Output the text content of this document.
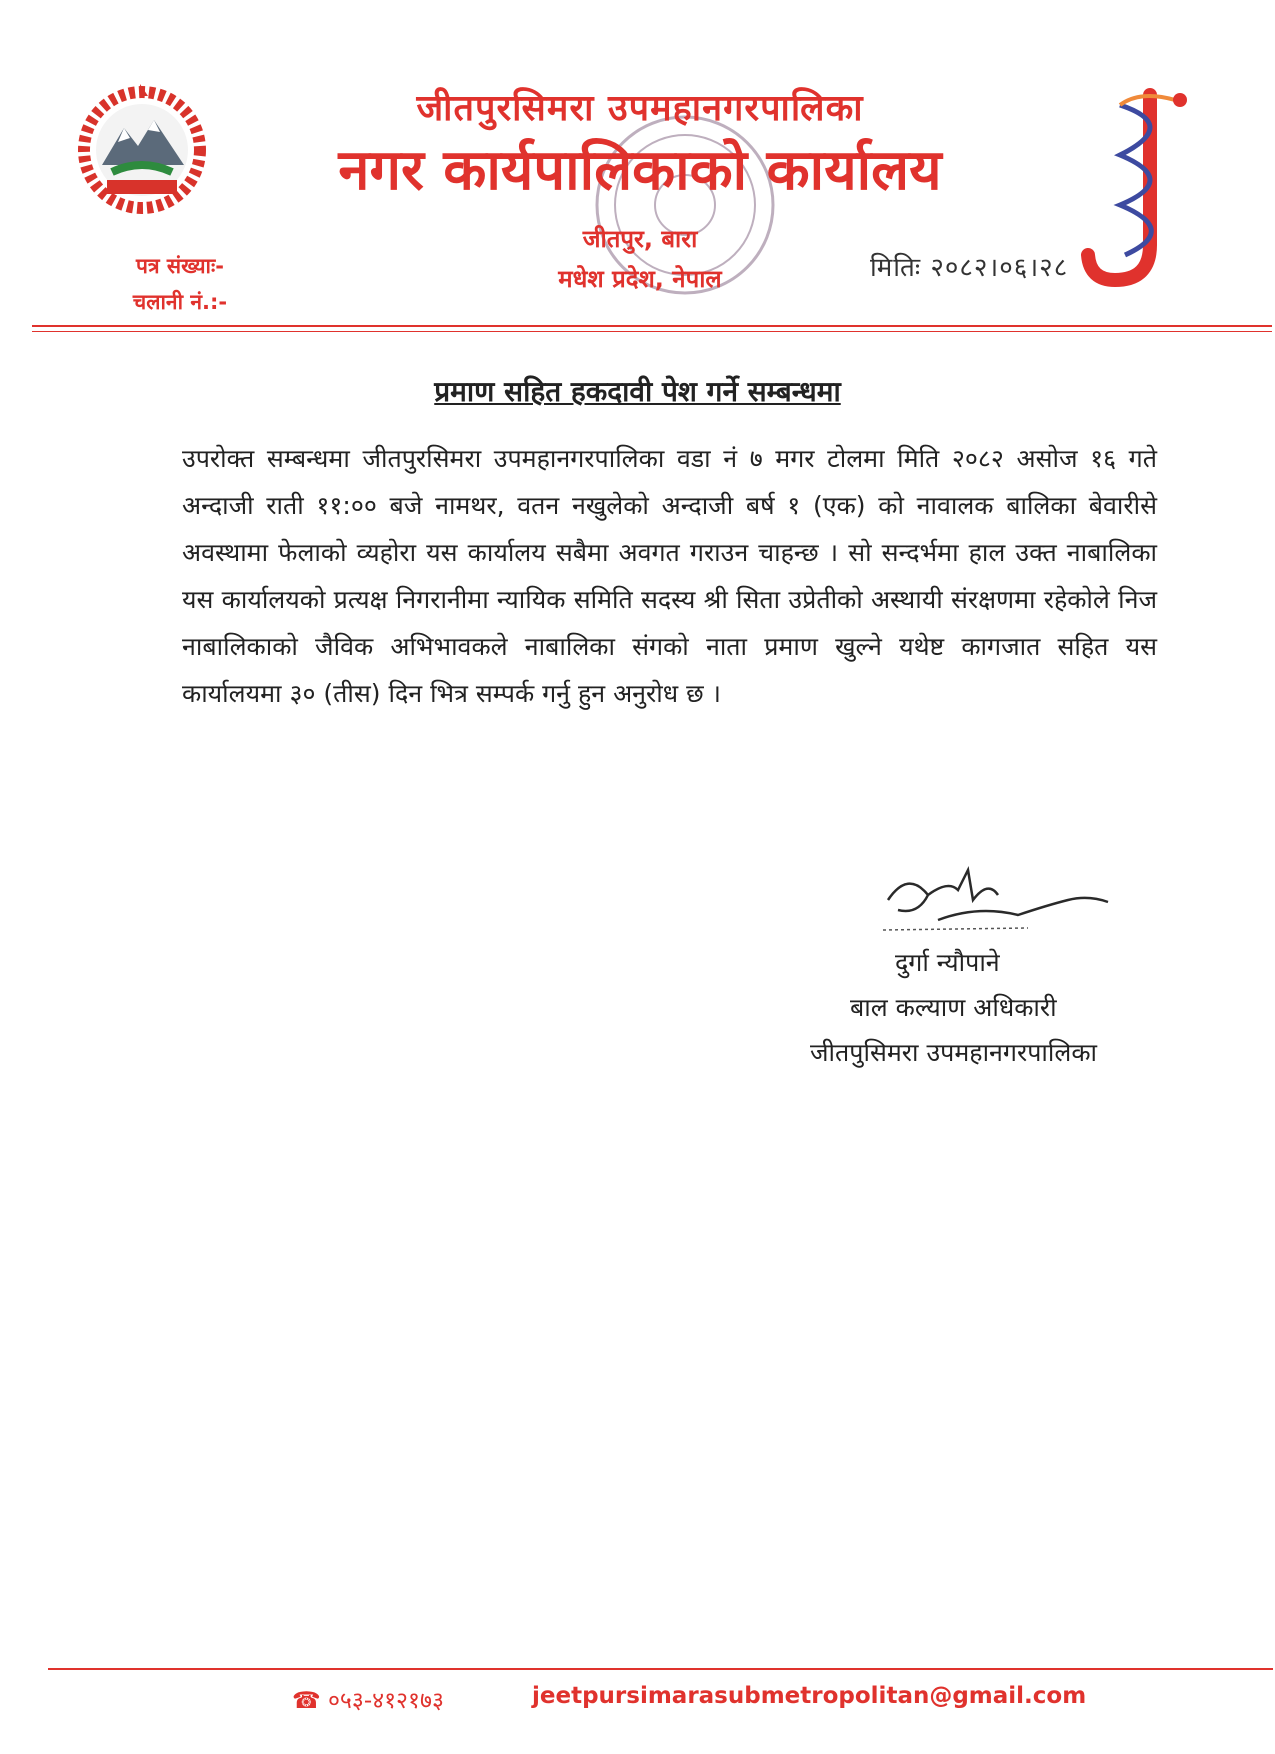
जीतपुरसिमरा उपमहानगरपालिका
नगर कार्यपालिकाको कार्यालय
जीतपुर, बारा
मधेश प्रदेश, नेपाल
पत्र संख्याः-
चलानी नं.:-
मितिः २०८२।०६।२८
प्रमाण सहित हकदावी पेश गर्ने सम्बन्धमा
उपरोक्त सम्बन्धमा जीतपुरसिमरा उपमहानगरपालिका वडा नं ७ मगर टोलमा मिति २०८२ असोज १६ गते अन्दाजी राती ११:०० बजे नामथर, वतन नखुलेको अन्दाजी बर्ष १ (एक) को नावालक बालिका बेवारीसे अवस्थामा फेलाको व्यहोरा यस कार्यालय सबैमा अवगत गराउन चाहन्छ । सो सन्दर्भमा हाल उक्त नाबालिका यस कार्यालयको प्रत्यक्ष निगरानीमा न्यायिक समिति सदस्य श्री सिता उप्रेतीको अस्थायी संरक्षणमा रहेकोले निज नाबालिकाको जैविक अभिभावकले नाबालिका संगको नाता प्रमाण खुल्ने यथेष्ट कागजात सहित यस कार्यालयमा ३० (तीस) दिन भित्र सम्पर्क गर्नु हुन अनुरोध छ ।
दुर्गा न्यौपाने
बाल कल्याण अधिकारी
जीतपुसिमरा उपमहानगरपालिका
☎ ०५३-४१२१७३	jeetpursimarasubmetropolitan@gmail.com
